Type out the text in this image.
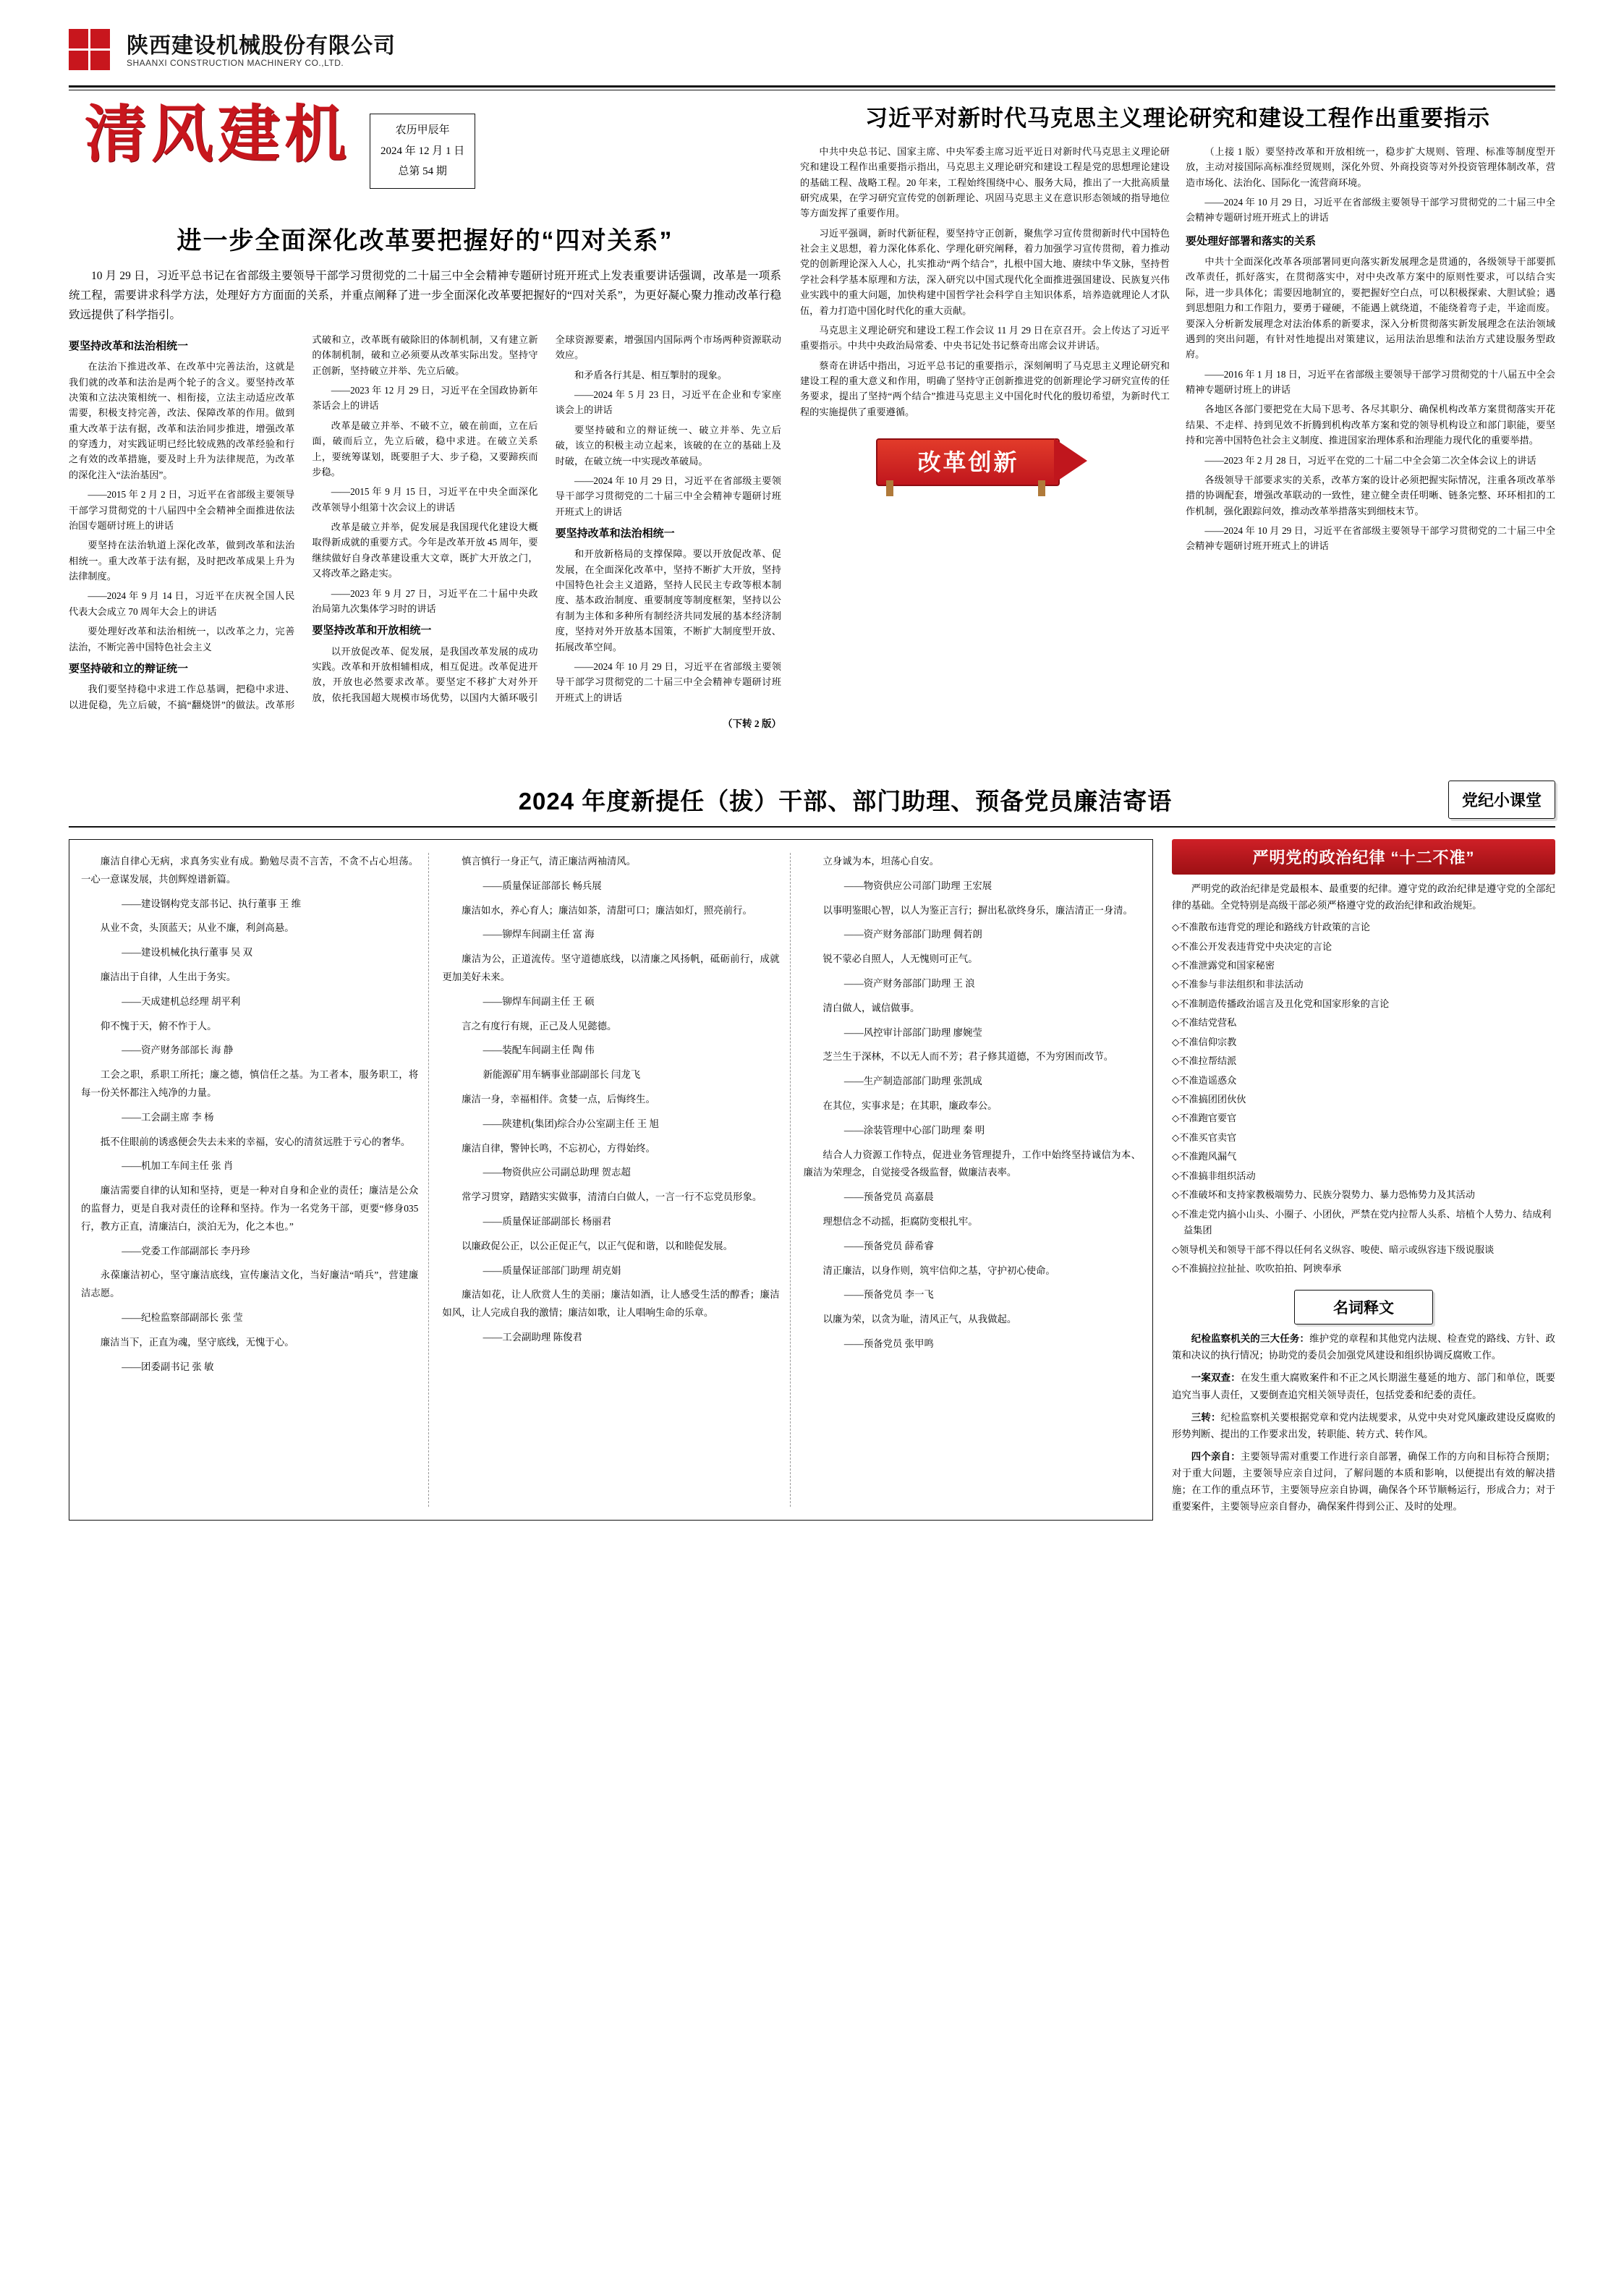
陕西建设机械股份有限公司
SHAANXI CONSTRUCTION MACHINERY CO.,LTD.
清风建机	农历甲辰年
2024 年 12 月 1 日
总第 54 期
进一步全面深化改革要把握好的“四对关系”

10 月 29 日，习近平总书记在省部级主要领导干部学习贯彻党的二十届三中全会精神专题研讨班开班式上发表重要讲话强调，改革是一项系统工程，需要讲求科学方法，处理好方方面面的关系，并重点阐释了进一步全面深化改革要把握好的“四对关系”，为更好凝心聚力推动改革行稳致远提供了科学指引。

要坚持改革和法治相统一

在法治下推进改革、在改革中完善法治，这就是我们就的改革和法治是两个轮子的含义。要坚持改革决策和立法决策相统一、相衔接，立法主动适应改革需要，积极支持完善，改法、保障改革的作用。做到重大改革于法有据，改革和法治同步推进，增强改革的穿透力，对实践证明已经比较成熟的改革经验和行之有效的改革措施，要及时上升为法律规范，为改革的深化注入“法治基因”。

——2015 年 2 月 2 日，习近平在省部级主要领导干部学习贯彻党的十八届四中全会精神全面推进依法治国专题研讨班上的讲话

要坚持在法治轨道上深化改革，做到改革和法治相统一。重大改革于法有据，及时把改革成果上升为法律制度。

——2024 年 9 月 14 日，习近平在庆祝全国人民代表大会成立 70 周年大会上的讲话

要处理好改革和法治相统一，以改革之力，完善法治，不断完善中国特色社会主义

要坚持破和立的辩证统一

我们要坚持稳中求进工作总基调，把稳中求进、以进促稳，先立后破，不搞“翻烧饼”的做法。改革形式破和立，改革既有破除旧的体制机制，又有建立新的体制机制，破和立必须要从改革实际出发。坚持守正创新，坚持破立并举、先立后破。

——2023 年 12 月 29 日，习近平在全国政协新年茶话会上的讲话

改革是破立并举、不破不立，破在前面，立在后面，破而后立，先立后破，稳中求进。在破立关系上，要统筹谋划，既要胆子大、步子稳，又要蹄疾而步稳。

——2015 年 9 月 15 日，习近平在中央全面深化改革领导小组第十次会议上的讲话

改革是破立并举，促发展是我国现代化建设大概取得新成就的重要方式。今年是改革开放 45 周年，要继续做好自身改革建设重大文章，既扩大开放之门，又将改革之路走实。

——2023 年 9 月 27 日，习近平在二十届中央政治局第九次集体学习时的讲话

要坚持改革和开放相统一

以开放促改革、促发展，是我国改革发展的成功实践。改革和开放相辅相成，相互促进。改革促进开放，开放也必然要求改革。要坚定不移扩大对外开放，依托我国超大规模市场优势，以国内大循环吸引全球资源要素，增强国内国际两个市场两种资源联动效应。

和矛盾各行其是、相互掣肘的现象。

——2024 年 5 月 23 日，习近平在企业和专家座谈会上的讲话

要坚持破和立的辩证统一、破立并举、先立后破，该立的积极主动立起来，该破的在立的基础上及时破，在破立统一中实现改革破局。

——2024 年 10 月 29 日，习近平在省部级主要领导干部学习贯彻党的二十届三中全会精神专题研讨班开班式上的讲话

要坚持改革和法治相统一

和开放新格局的支撑保障。要以开放促改革、促发展，在全面深化改革中，坚持不断扩大开放，坚持中国特色社会主义道路，坚持人民民主专政等根本制度、基本政治制度、重要制度等制度框架，坚持以公有制为主体和多种所有制经济共同发展的基本经济制度，坚持对外开放基本国策，不断扩大制度型开放、拓展改革空间。

——2024 年 10 月 29 日，习近平在省部级主要领导干部学习贯彻党的二十届三中全会精神专题研讨班开班式上的讲话

（下转 2 版）
习近平对新时代马克思主义理论研究和建设工程作出重要指示

中共中央总书记、国家主席、中央军委主席习近平近日对新时代马克思主义理论研究和建设工程作出重要指示指出，马克思主义理论研究和建设工程是党的思想理论建设的基础工程、战略工程。20 年来，工程始终围绕中心、服务大局，推出了一大批高质量研究成果，在学习研究宣传党的创新理论、巩固马克思主义在意识形态领域的指导地位等方面发挥了重要作用。

习近平强调，新时代新征程，要坚持守正创新，聚焦学习宣传贯彻新时代中国特色社会主义思想，着力深化体系化、学理化研究阐释，着力加强学习宣传贯彻，着力推动党的创新理论深入人心，扎实推动“两个结合”，扎根中国大地、赓续中华文脉，坚持哲学社会科学基本原理和方法，深入研究以中国式现代化全面推进强国建设、民族复兴伟业实践中的重大问题，加快构建中国哲学社会科学自主知识体系，培养造就理论人才队伍，着力打造中国化时代化的重大贡献。

马克思主义理论研究和建设工程工作会议 11 月 29 日在京召开。会上传达了习近平重要指示。中共中央政治局常委、中央书记处书记蔡奇出席会议并讲话。

蔡奇在讲话中指出，习近平总书记的重要指示，深刻阐明了马克思主义理论研究和建设工程的重大意义和作用，明确了坚持守正创新推进党的创新理论学习研究宣传的任务要求，提出了坚持“两个结合”推进马克思主义中国化时代化的殷切希望，为新时代工程的实施提供了重要遵循。

改革创新

（上接 1 版）要坚持改革和开放相统一，稳步扩大规则、管理、标准等制度型开放，主动对接国际高标准经贸规则，深化外贸、外商投资等对外投资管理体制改革，营造市场化、法治化、国际化一流营商环境。

——2024 年 10 月 29 日，习近平在省部级主要领导干部学习贯彻党的二十届三中全会精神专题研讨班开班式上的讲话

要处理好部署和落实的关系

中共十全面深化改革各项部署同更向落实新发展理念是贯通的，各级领导干部要抓改革责任，抓好落实，在贯彻落实中，对中央改革方案中的原则性要求，可以结合实际，进一步具体化；需要因地制宜的，要把握好空白点，可以积极探索、大胆试验；遇到思想阻力和工作阻力，要勇于碰硬，不能遇上就绕道，不能绕着弯子走，半途而废。要深入分析新发展理念对法治体系的新要求，深入分析贯彻落实新发展理念在法治领域遇到的突出问题，有针对性地提出对策建议，运用法治思维和法治方式建设服务型政府。

——2016 年 1 月 18 日，习近平在省部级主要领导干部学习贯彻党的十八届五中全会精神专题研讨班上的讲话

各地区各部门要把党在大局下思考、各尽其职分、确保机构改革方案贯彻落实开花结果、不走样、持到见效不折腾到机构改革方案和党的领导机构设立和部门职能，要坚持和完善中国特色社会主义制度、推进国家治理体系和治理能力现代化的重要举措。

——2023 年 2 月 28 日，习近平在党的二十届二中全会第二次全体会议上的讲话

各级领导干部要求实的关系，改革方案的设计必须把握实际情况，注重各项改革举措的协调配套，增强改革联动的一致性，建立健全责任明晰、链条完整、环环相扣的工作机制，强化跟踪问效，推动改革举措落实到细枝末节。

——2024 年 10 月 29 日，习近平在省部级主要领导干部学习贯彻党的二十届三中全会精神专题研讨班开班式上的讲话

2024 年度新提任（拔）干部、部门助理、预备党员廉洁寄语	党纪小课堂

廉洁自律心无病，求真务实业有成。勤勉尽责不言苦，不贪不占心坦荡。一心一意谋发展，共创辉煌谱新篇。

——建设钢构党支部书记、执行董事 王 维

从业不贪，头顶蓝天；从业不廉，利剑高悬。

——建设机械化执行董事 吴 双

廉洁出于自律，人生出于务实。

——天成建机总经理 胡平利

仰不愧于天，俯不怍于人。

——资产财务部部长 海 静

工会之职，系职工所托；廉之德，慎信任之基。为工者本，服务职工，将每一份关怀都注入纯净的力量。

——工会副主席 李 杨

抵不住眼前的诱惑便会失去未来的幸福，安心的清贫远胜于亏心的奢华。

——机加工车间主任 张 肖

廉洁需要自律的认知和坚持，更是一种对自身和企业的责任；廉洁是公众的监督力，更是自我对责任的诠释和坚持。作为一名党务干部，更要“修身035行，教方正直，清廉洁白，淡泊无为，化之本也。”

——党委工作部副部长 李丹珍

永葆廉洁初心，坚守廉洁底线，宣传廉洁文化，当好廉洁“哨兵”，营建廉洁志愿。

——纪检监察部副部长 张 莹

廉洁当下，正直为魂，坚守底线，无愧于心。

——团委副书记 张 敏

慎言慎行一身正气，清正廉洁两袖清风。

——质量保证部部长 畅兵展

廉洁如水，养心育人；廉洁如茶，清甜可口；廉洁如灯，照亮前行。

——铆焊车间副主任 富 海

廉洁为公，正道流传。坚守道德底线，以清廉之风扬帆，砥砺前行，成就更加美好未来。

——铆焊车间副主任 王 硕

言之有度行有规，正己及人见懿德。

——装配车间副主任 陶 伟

新能源矿用车辆事业部副部长 闫龙飞

廉洁一身，幸福相伴。贪婪一点，后悔终生。

——陕建机(集团)综合办公室副主任 王 旭

廉洁自律，警钟长鸣，不忘初心，方得始终。

——物资供应公司副总助理 贺志超

常学习贯穿，踏踏实实做事，清清白白做人，一言一行不忘党员形象。

——质量保证部副部长 杨丽君

以廉政促公正，以公正促正气，以正气促和谐，以和睦促发展。

——质量保证部部门助理 胡克娟

廉洁如花，让人欣赏人生的美丽；廉洁如酒，让人感受生活的醇香；廉洁如风，让人完成自我的激情；廉洁如歌，让人唱响生命的乐章。

——工会副助理 陈俊君

立身诚为本，坦荡心自安。

——物资供应公司部门助理 王宏展

以事明鉴眼心智，以人为鉴正言行；摒出私欲终身乐，廉洁清正一身清。

——资产财务部部门助理 倜若朗

锐不蒙必自照人，人无愧则可正气。

——资产财务部部门助理 王 浪

清白做人，诚信做事。

——风控审计部部门助理 廖婉莹

芝兰生于深林，不以无人而不芳；君子修其道德，不为穷困而改节。

——生产制造部部门助理 张凯成

在其位，实事求是；在其职，廉政奉公。

——涂装管理中心部门助理 秦 明

结合人力资源工作特点，促进业务管理提升，工作中始终坚持诚信为本、廉洁为荣理念，自觉接受各级监督，做廉洁表率。

——预备党员 高嘉晨

理想信念不动摇，拒腐防变根扎牢。

——预备党员 薛希睿

清正廉洁，以身作则，筑牢信仰之基，守护初心使命。

——预备党员 李一飞

以廉为荣，以贪为耻，清风正气，从我做起。

——预备党员 张甲鸣

严明党的政治纪律 “十二不准”

严明党的政治纪律是党最根本、最重要的纪律。遵守党的政治纪律是遵守党的全部纪律的基础。全党特别是高级干部必须严格遵守党的政治纪律和政治规矩。

◇不准散布违背党的理论和路线方针政策的言论
◇不准公开发表违背党中央决定的言论
◇不准泄露党和国家秘密
◇不准参与非法组织和非法活动
◇不准制造传播政治谣言及丑化党和国家形象的言论
◇不准结党营私
◇不准信仰宗教
◇不准拉帮结派
◇不准造谣惑众
◇不准搞团团伙伙
◇不准跑官要官
◇不准买官卖官
◇不准跑风漏气
◇不准搞非组织活动
◇不准破坏和支持家教极端势力、民族分裂势力、暴力恐怖势力及其活动
◇不准走党内搞小山头、小圈子、小团伙，严禁在党内拉帮人头系、培植个人势力、结成利益集团
◇领导机关和领导干部不得以任何名义纵容、唆使、暗示或纵容违下级说服谈
◇不准搞拉拉扯扯、吹吹拍拍、阿谀奉承
名词释文

纪检监察机关的三大任务：维护党的章程和其他党内法规、检查党的路线、方针、政策和决议的执行情况；协助党的委员会加强党风建设和组织协调反腐败工作。

一案双查：在发生重大腐败案件和不正之风长期滋生蔓延的地方、部门和单位，既要追究当事人责任，又要倒查追究相关领导责任，包括党委和纪委的责任。

三转：纪检监察机关要根据党章和党内法规要求，从党中央对党风廉政建设反腐败的形势判断、提出的工作要求出发，转职能、转方式、转作风。

四个亲自：主要领导需对重要工作进行亲自部署，确保工作的方向和目标符合预期；对于重大问题，主要领导应亲自过问，了解问题的本质和影响，以便提出有效的解决措施；在工作的重点环节，主要领导应亲自协调，确保各个环节顺畅运行，形成合力；对于重要案件，主要领导应亲自督办，确保案件得到公正、及时的处理。
